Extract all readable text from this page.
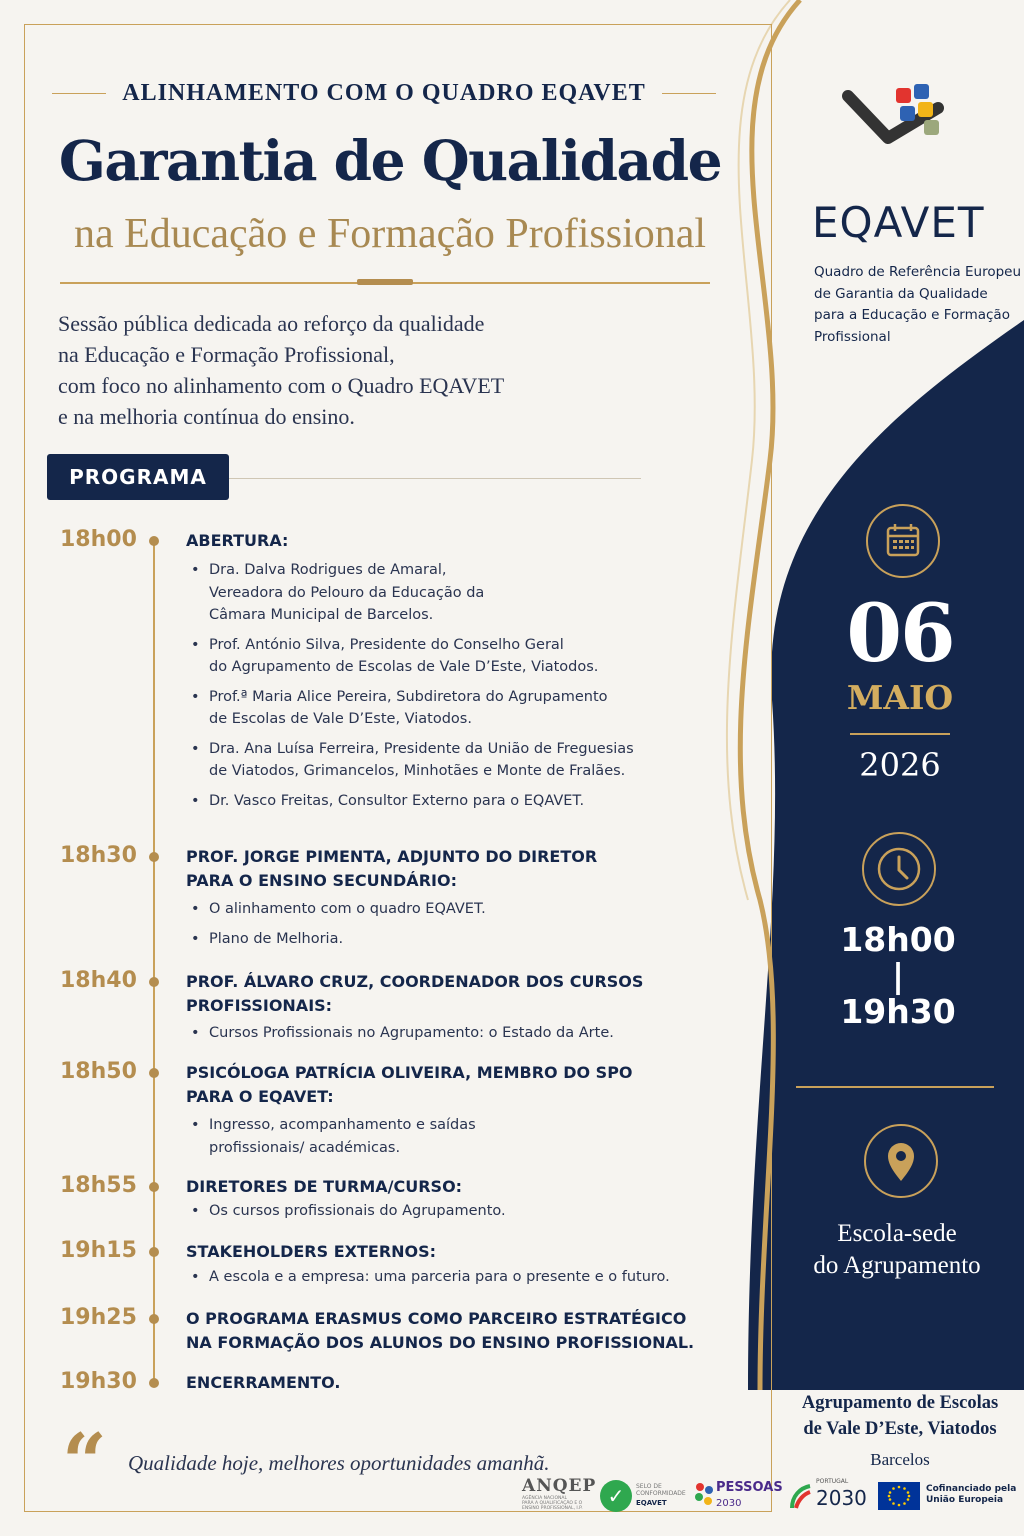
ALINHAMENTO COM O QUADRO EQAVET
Garantia de Qualidade
na Educação e Formação Profissional

Sessão pública dedicada ao reforço da qualidade

na Educação e Formação Profissional,

com foco no alinhamento com o Quadro EQAVET

e na melhoria contínua do ensino.

PROGRAMA
18h00	ABERTURA:
• Dra. Dalva Rodrigues de Amaral,
Vereadora do Pelouro da Educação da
Câmara Municipal de Barcelos.
• Prof. António Silva, Presidente do Conselho Geral
do Agrupamento de Escolas de Vale D’Este, Viatodos.
• Prof.ª Maria Alice Pereira, Subdiretora do Agrupamento
de Escolas de Vale D’Este, Viatodos.
• Dra. Ana Luísa Ferreira, Presidente da União de Freguesias
de Viatodos, Grimancelos, Minhotães e Monte de Fralães.
• Dr. Vasco Freitas, Consultor Externo para o EQAVET.
18h30	PROF. JORGE PIMENTA, ADJUNTO DO DIRETOR
PARA O ENSINO SECUNDÁRIO:
• O alinhamento com o quadro EQAVET.
• Plano de Melhoria.
18h40	PROF. ÁLVARO CRUZ, COORDENADOR DOS CURSOS
PROFISSIONAIS:
• Cursos Profissionais no Agrupamento: o Estado da Arte.
18h50	PSICÓLOGA PATRÍCIA OLIVEIRA, MEMBRO DO SPO
PARA O EQAVET:
• Ingresso, acompanhamento e saídas
profissionais/ académicas.
18h55	DIRETORES DE TURMA/CURSO:
• Os cursos profissionais do Agrupamento.
19h15	STAKEHOLDERS EXTERNOS:
• A escola e a empresa: uma parceria para o presente e o futuro.
19h25	O PROGRAMA ERASMUS COMO PARCEIRO ESTRATÉGICO
NA FORMAÇÃO DOS ALUNOS DO ENSINO PROFISSIONAL.
19h30	ENCERRAMENTO.
“ Qualidade hoje, melhores oportunidades amanhã.
EQAVET
Quadro de Referência Europeu
de Garantia da Qualidade
para a Educação e Formação
Profissional
06
MAIO
2026
18h00
|
19h30
Escola-sede
do Agrupamento
Agrupamento de Escolas
de Vale D’Este, Viatodos
Barcelos
ANQEP
AGÊNCIA NACIONAL
PARA A QUALIFICAÇÃO E O
ENSINO PROFISSIONAL, I.P.
✓	SELO DE
CONFORMIDADE
EQAVET
PESSOAS
2030
PORTUGAL
2030	Cofinanciado pela
União Europeia
